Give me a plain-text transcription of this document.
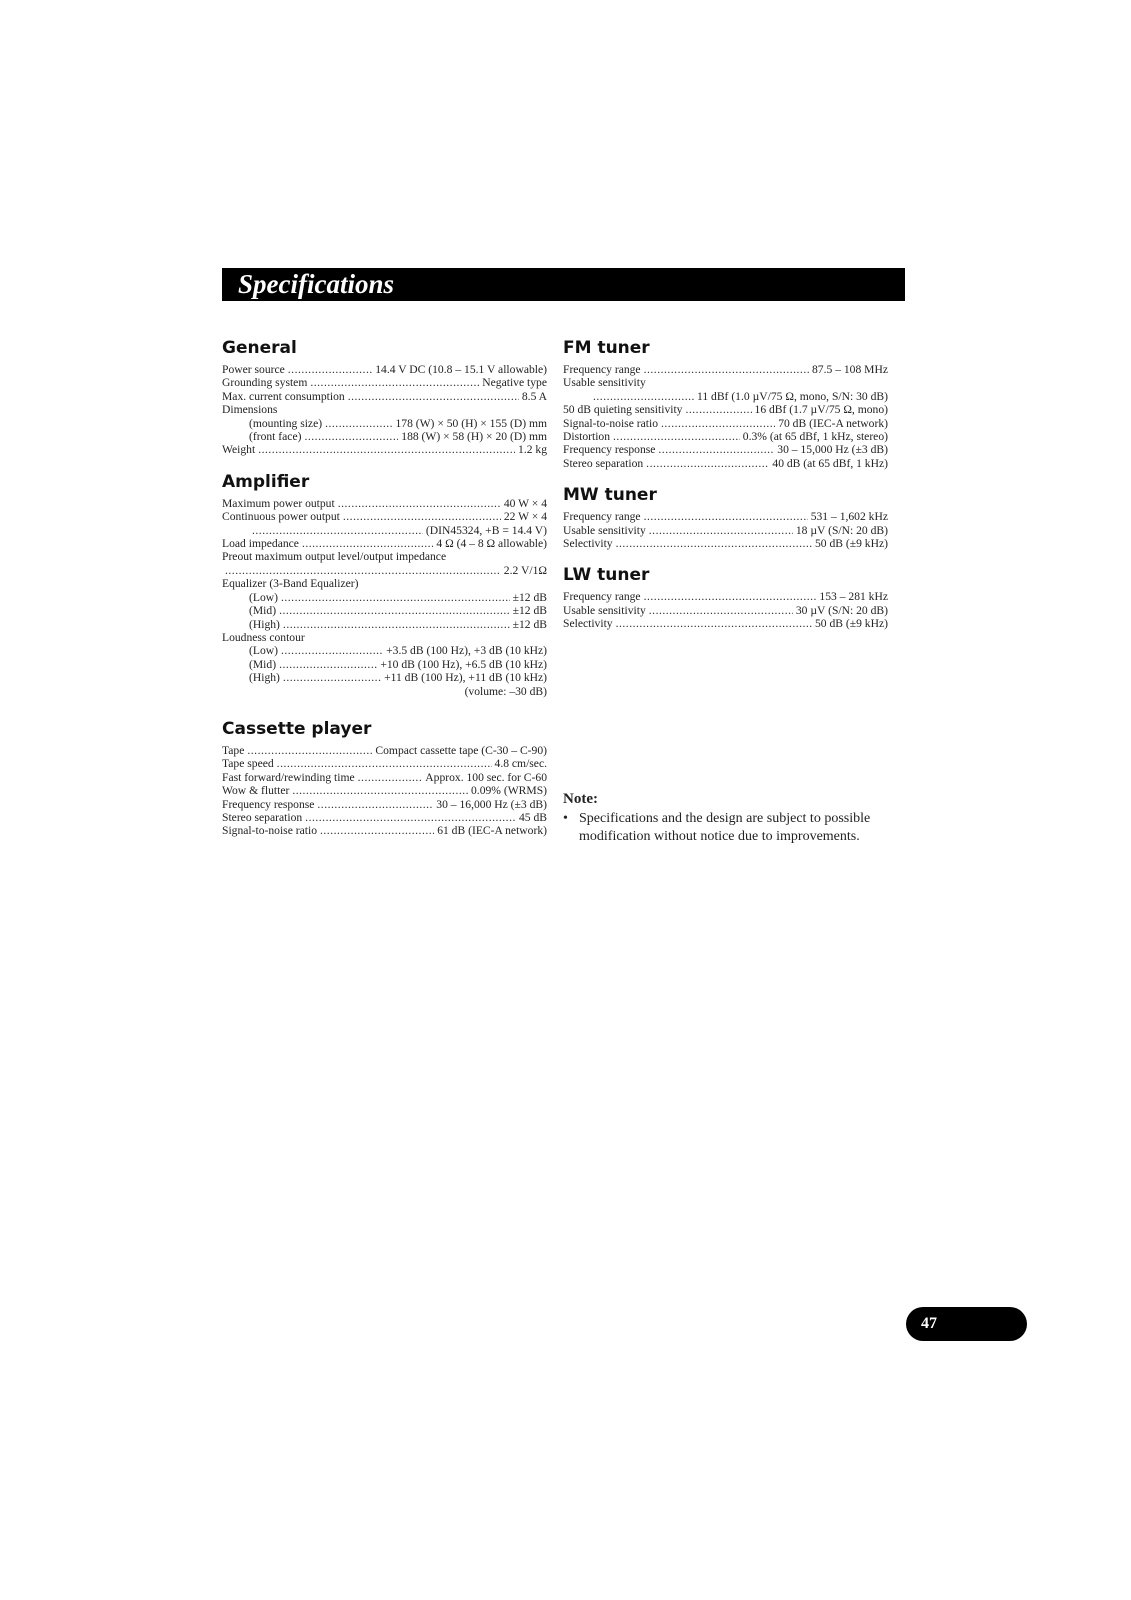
Specifications
General
Power source .....	14.4 V DC (10.8 – 15.1 V allowable)
Grounding system .....	Negative type
Max. current consumption .....	8.5 A
Dimensions
(mounting size) .....	178 (W) × 50 (H) × 155 (D) mm
(front face) .....	188 (W) × 58 (H) × 20 (D) mm
Weight .....	1.2 kg
Amplifier
Maximum power output .....	40 W × 4
Continuous power output .....	22 W × 4
.....
(DIN45324, +B = 14.4 V)
Load impedance .....	4 Ω (4 – 8 Ω allowable)
Preout maximum output level/output impedance
.....
2.2 V/1Ω
Equalizer (3-Band Equalizer)
(Low) .....	±12 dB
(Mid) .....	±12 dB
(High) .....	±12 dB
Loudness contour
(Low) .....	+3.5 dB (100 Hz), +3 dB (10 kHz)
(Mid) .....	+10 dB (100 Hz), +6.5 dB (10 kHz)
(High) .....	+11 dB (100 Hz), +11 dB (10 kHz)
(volume: –30 dB)
Cassette player
Tape .....	Compact cassette tape (C-30 – C-90)
Tape speed .....	4.8 cm/sec.
Fast forward/rewinding time .....	Approx. 100 sec. for C-60
Wow & flutter .....	0.09% (WRMS)
Frequency response .....	30 – 16,000 Hz (±3 dB)
Stereo separation .....	45 dB
Signal-to-noise ratio .....	61 dB (IEC-A network)
FM tuner
Frequency range .....	87.5 – 108 MHz
Usable sensitivity
.....
11 dBf (1.0 µV/75 Ω, mono, S/N: 30 dB)
50 dB quieting sensitivity .....	16 dBf (1.7 µV/75 Ω, mono)
Signal-to-noise ratio .....	70 dB (IEC-A network)
Distortion .....	0.3% (at 65 dBf, 1 kHz, stereo)
Frequency response .....	30 – 15,000 Hz (±3 dB)
Stereo separation .....	40 dB (at 65 dBf, 1 kHz)
MW tuner
Frequency range .....	531 – 1,602 kHz
Usable sensitivity .....	18 µV (S/N: 20 dB)
Selectivity .....	50 dB (±9 kHz)
LW tuner
Frequency range .....	153 – 281 kHz
Usable sensitivity .....	30 µV (S/N: 20 dB)
Selectivity .....	50 dB (±9 kHz)
Note:
• Specifications and the design are subject to possible modification without notice due to improvements.
47
